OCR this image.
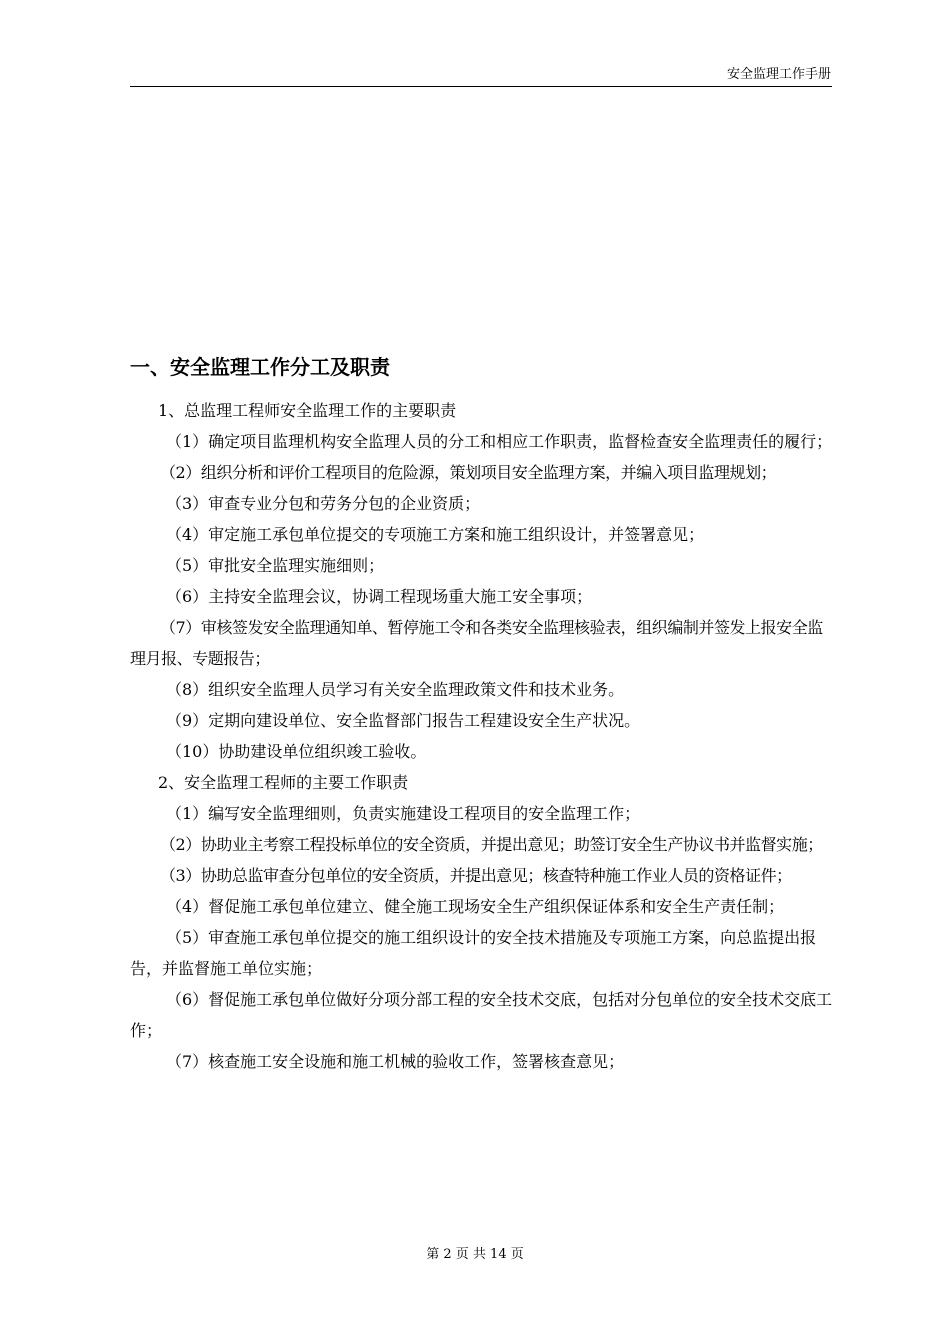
安全监理工作手册
一、安全监理工作分工及职责

1、总监理工程师安全监理工作的主要职责

（1）确定项目监理机构安全监理人员的分工和相应工作职责，监督检查安全监理责任的履行；

（2）组织分析和评价工程项目的危险源，策划项目安全监理方案，并编入项目监理规划；

（3）审查专业分包和劳务分包的企业资质；

（4）审定施工承包单位提交的专项施工方案和施工组织设计，并签署意见；

（5）审批安全监理实施细则；

（6）主持安全监理会议，协调工程现场重大施工安全事项；

（7）审核签发安全监理通知单、暂停施工令和各类安全监理核验表，组织编制并签发上报安全监理月报、专题报告；

（8）组织安全监理人员学习有关安全监理政策文件和技术业务。

（9）定期向建设单位、安全监督部门报告工程建设安全生产状况。

（10）协助建设单位组织竣工验收。

2、安全监理工程师的主要工作职责

（1）编写安全监理细则，负责实施建设工程项目的安全监理工作；

（2）协助业主考察工程投标单位的安全资质，并提出意见；助签订安全生产协议书并监督实施；

（3）协助总监审查分包单位的安全资质，并提出意见；核查特种施工作业人员的资格证件；

（4）督促施工承包单位建立、健全施工现场安全生产组织保证体系和安全生产责任制；

（5）审查施工承包单位提交的施工组织设计的安全技术措施及专项施工方案，向总监提出报告，并监督施工单位实施；

（6）督促施工承包单位做好分项分部工程的安全技术交底，包括对分包单位的安全技术交底工作；

（7）核查施工安全设施和施工机械的验收工作，签署核查意见；

第 2 页 共 14 页
